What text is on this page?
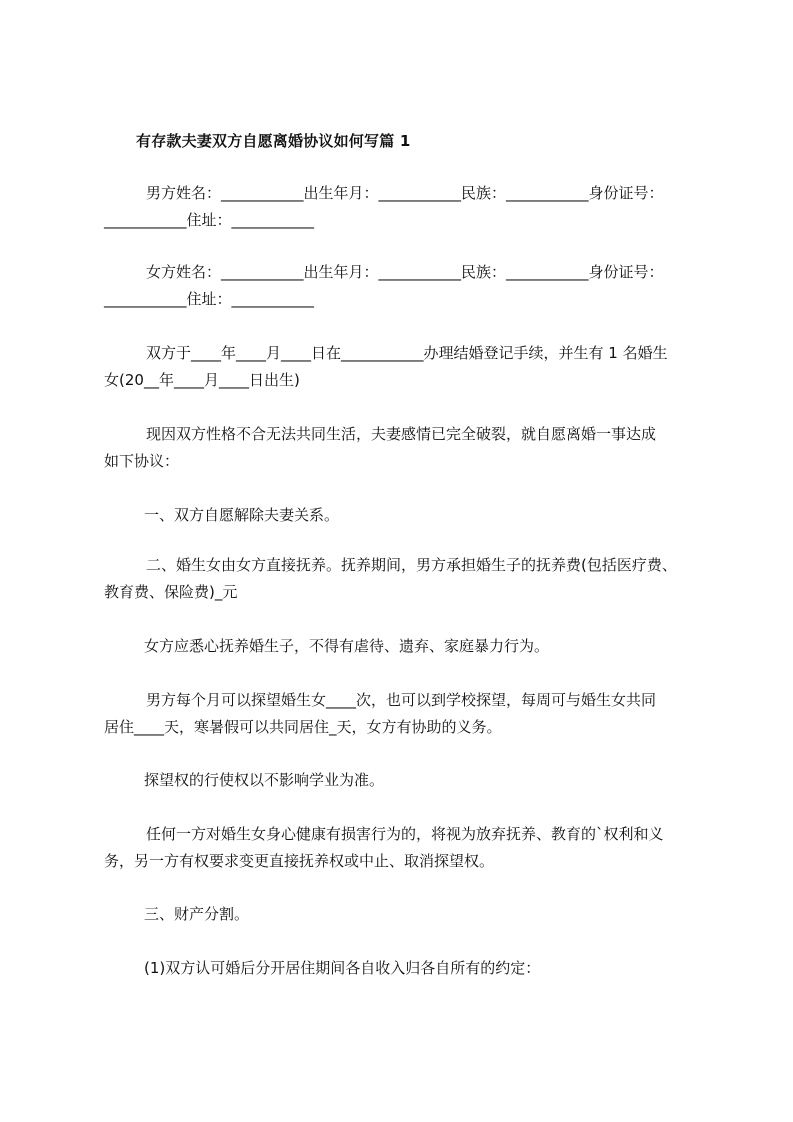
有存款夫妻双方自愿离婚协议如何写篇 1
男方姓名：___________出生年月：___________民族：___________身份证号：
___________住址：___________
女方姓名：___________出生年月：___________民族：___________身份证号：
___________住址：___________
双方于____年____月____日在___________办理结婚登记手续，并生有 1 名婚生
女(20__年____月____日出生)
现因双方性格不合无法共同生活，夫妻感情已完全破裂，就自愿离婚一事达成
如下协议：
一、双方自愿解除夫妻关系。
二、婚生女由女方直接抚养。抚养期间，男方承担婚生子的抚养费(包括医疗费、
教育费、保险费)_元
女方应悉心抚养婚生子，不得有虐待、遗弃、家庭暴力行为。
男方每个月可以探望婚生女____次，也可以到学校探望，每周可与婚生女共同
居住____天，寒暑假可以共同居住_天，女方有协助的义务。
探望权的行使权以不影响学业为准。
任何一方对婚生女身心健康有损害行为的，将视为放弃抚养、教育的`权利和义
务，另一方有权要求变更直接抚养权或中止、取消探望权。
三、财产分割。
(1)双方认可婚后分开居住期间各自收入归各自所有的约定：
